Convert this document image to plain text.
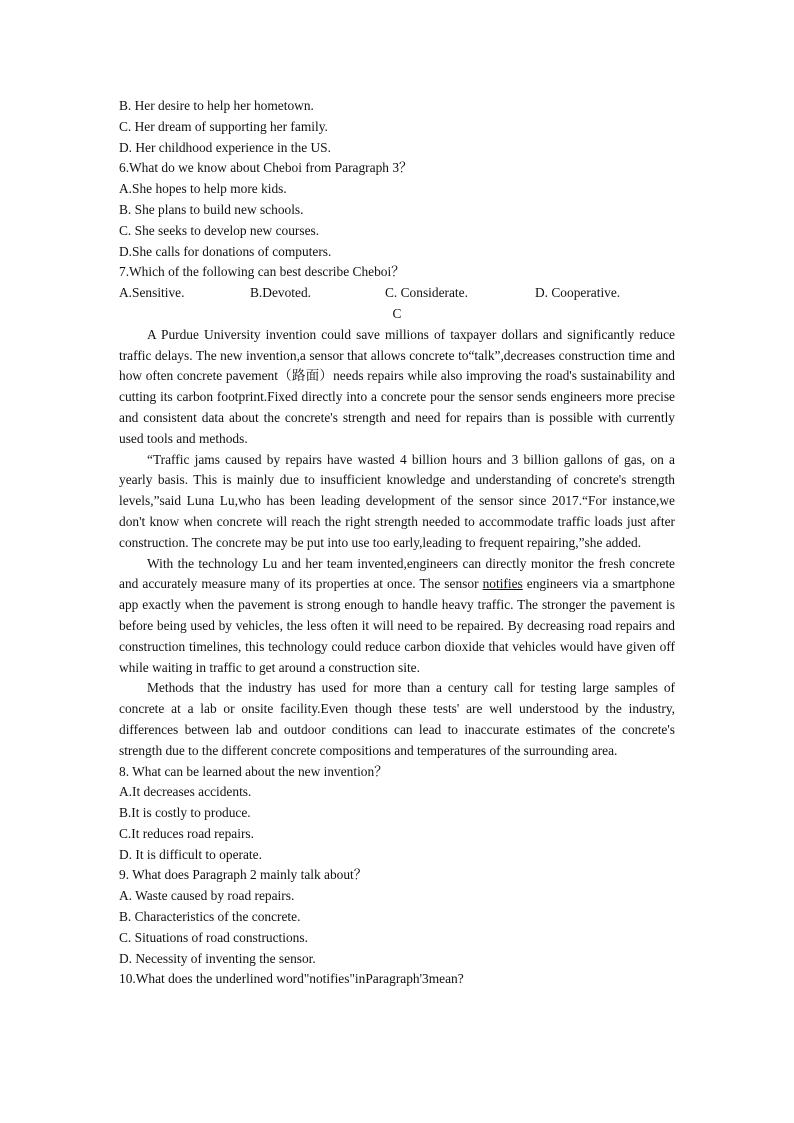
B. Her desire to help her hometown.
C. Her dream of supporting her family.
D. Her childhood experience in the US.
6.What do we know about Cheboi from Paragraph 3？
A.She hopes to help more kids.
B. She plans to build new schools.
C. She seeks to develop new courses.
D.She calls for donations of computers.
7.Which of the following can best describe Cheboi？
A.Sensitive.	B.Devoted.	C. Considerate.	D. Cooperative.
C

A Purdue University invention could save millions of taxpayer dollars and significantly reduce traffic delays. The new invention,a sensor that allows concrete to“talk”,decreases construction time and how often concrete pavement（路面）needs repairs while also improving the road's sustainability and cutting its carbon footprint.Fixed directly into a concrete pour the sensor sends engineers more precise and consistent data about the concrete's strength and need for repairs than is possible with currently used tools and methods.

“Traffic jams caused by repairs have wasted 4 billion hours and 3 billion gallons of gas, on a yearly basis. This is mainly due to insufficient knowledge and understanding of concrete's strength levels,”said Luna Lu,who has been leading development of the sensor since 2017.“For instance,we don't know when concrete will reach the right strength needed to accommodate traffic loads just after construction. The concrete may be put into use too early,leading to frequent repairing,”she added.

With the technology Lu and her team invented,engineers can directly monitor the fresh concrete and accurately measure many of its properties at once. The sensor notifies engineers via a smartphone app exactly when the pavement is strong enough to handle heavy traffic. The stronger the pavement is before being used by vehicles, the less often it will need to be repaired. By decreasing road repairs and construction timelines, this technology could reduce carbon dioxide that vehicles would have given off while waiting in traffic to get around a construction site.

Methods that the industry has used for more than a century call for testing large samples of concrete at a lab or onsite facility.Even though these tests' are well understood by the industry, differences between lab and outdoor conditions can lead to inaccurate estimates of the concrete's strength due to the different concrete compositions and temperatures of the surrounding area.

8. What can be learned about the new invention？
A.It decreases accidents.
B.It is costly to produce.
C.It reduces road repairs.
D. It is difficult to operate.
9. What does Paragraph 2 mainly talk about？
A. Waste caused by road repairs.
B. Characteristics of the concrete.
C. Situations of road constructions.
D. Necessity of inventing the sensor.
10.What does the underlined word"notifies"inParagraph'3mean?
